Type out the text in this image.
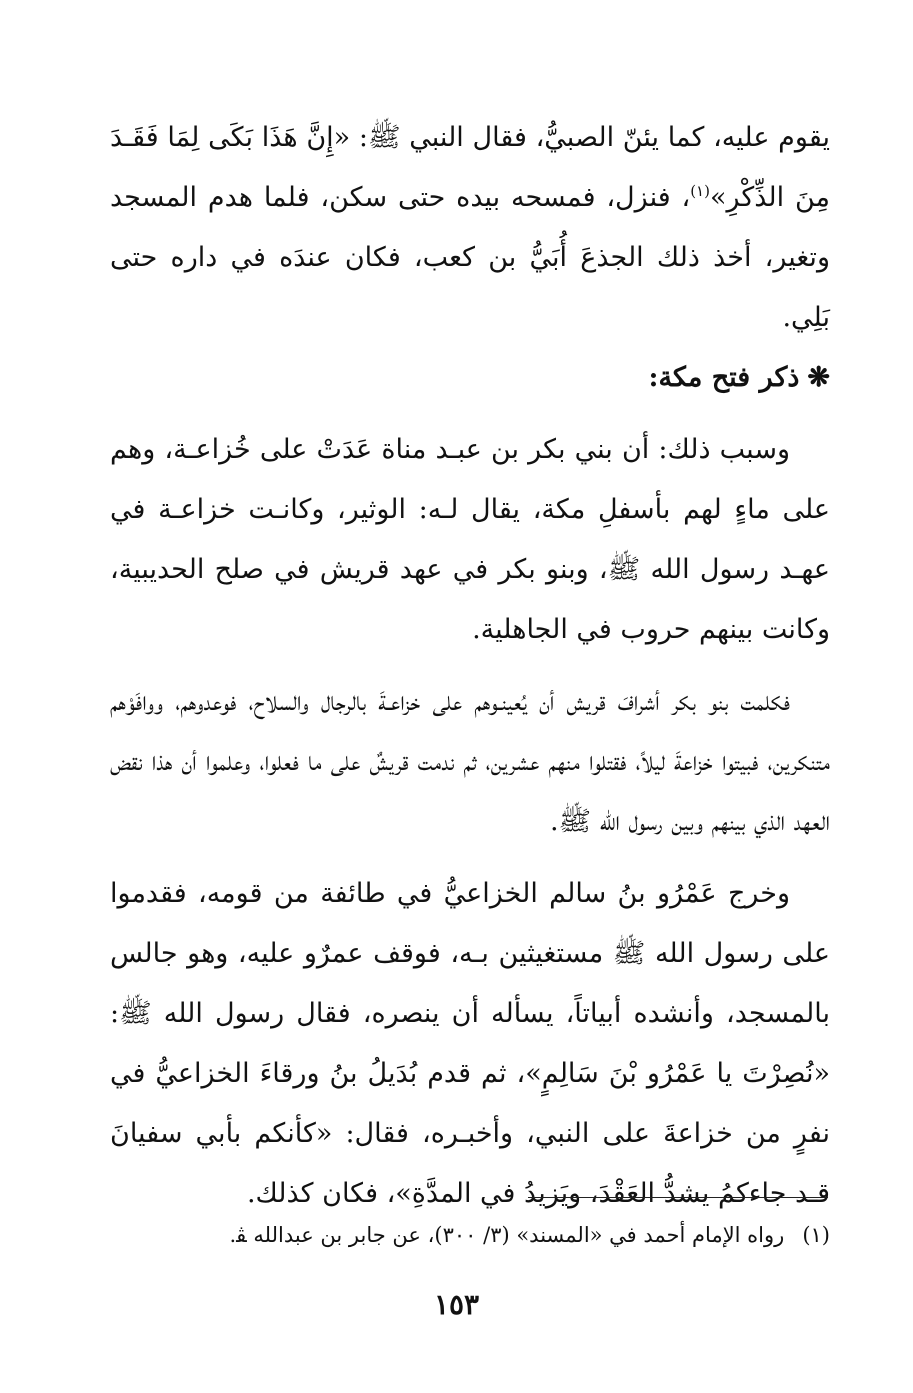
يقوم عليه، كما يئنّ الصبيُّ، فقال النبي ﷺ: «إِنَّ هَذَا بَكَى لِمَا فَقَـدَ مِنَ الذِّكْرِ»$^{(١)}$، فنزل، فمسحه بيده حتى سكن، فلما هدم المسجد وتغير، أخذ ذلك الجذعَ أُبَيُّ بن كعب، فكان عندَه في داره حتى بَلِي.

❋ذكر فتح مكة:

وسبب ذلك: أن بني بكر بن عبـد مناة عَدَتْ على خُزاعـة، وهم على ماءٍ لهم بأسفلِ مكة، يقال لـه: الوثير، وكانـت خزاعـة في عهـد رسول الله ﷺ، وبنو بكر في عهد قريش في صلح الحديبية، وكانت بينهم حروب في الجاهلية.

فكلمت بنو بكر أشرافَ قريش أن يُعينـوهم على خزاعـةَ بالرجال والسلاح، فوعدوهم، ووافَوْهم متنكرين، فبيتوا خزاعةَ ليلاً، فقتلوا منهم عشرين، ثم ندمت قريشٌ على ما فعلوا، وعلموا أن هذا نقض العهد الذي بينهم وبين رسول الله ﷺ.

وخرج عَمْرُو بنُ سالم الخزاعيُّ في طائفة من قومه، فقدموا على رسول الله ﷺ مستغيثين بـه، فوقف عمرٌو عليه، وهو جالس بالمسجد، وأنشده أبياتاً، يسأله أن ينصره، فقال رسول الله ﷺ: «نُصِرْتَ يا عَمْرُو بْنَ سَالِمٍ»، ثم قدم بُدَيلُ بنُ ورقاءَ الخزاعيُّ في نفرٍ من خزاعةَ على النبي، وأخبـره، فقال: «كأنكم بأبي سفيانَ قـد جاءكمُ يشدُّ العَقْدَ، ويَزيدُ في المدَّةِ»، فكان كذلك.

(١)رواه الإمام أحمد في «المسند» (٣/ ٣٠٠)، عن جابر بن عبدالله ﭭ.
١٥٣
